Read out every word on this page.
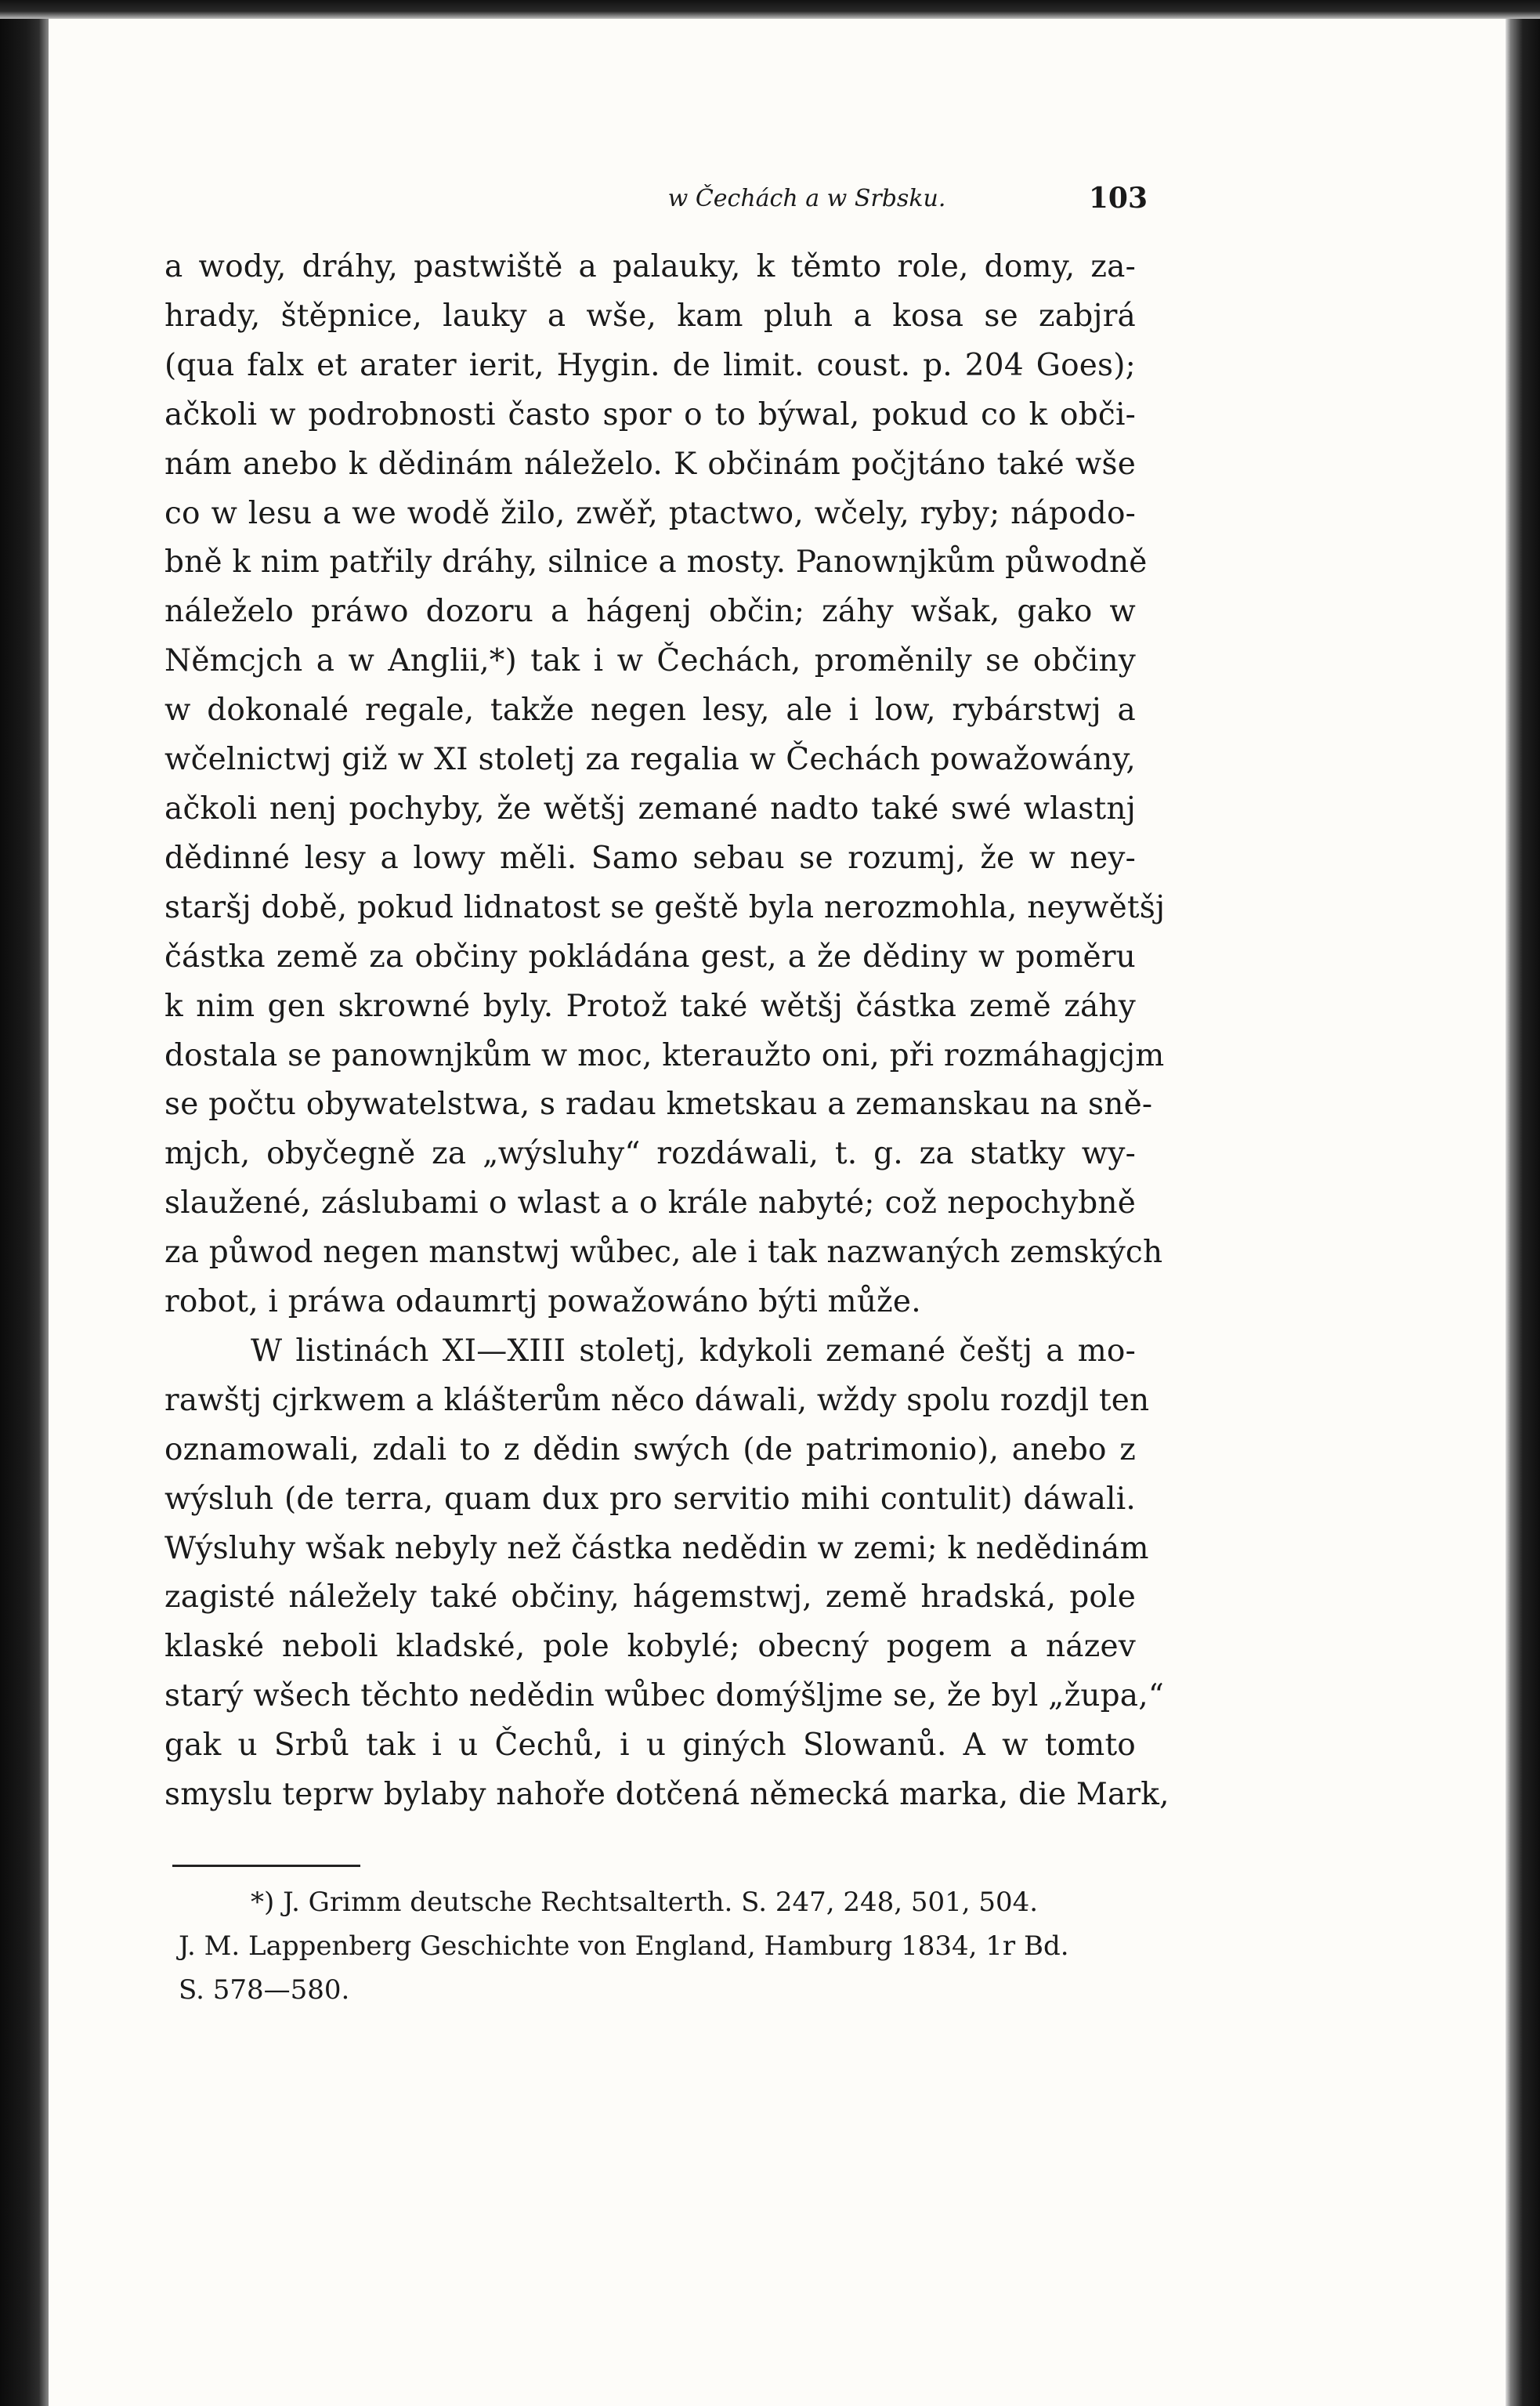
w Čechách a w Srbsku.	103
a wody, dráhy, pastwiště a palauky, k těmto role, domy, za-
hrady, štěpnice, lauky a wše, kam pluh a kosa se zabjrá
(qua falx et arater ierit, Hygin. de limit. coust. p. 204 Goes);
ačkoli w podrobnosti často spor o to býwal, pokud co k obči-
nám anebo k dědinám náleželo. K občinám počjtáno také wše
co w lesu a we wodě žilo, zwěř, ptactwo, wčely, ryby; nápodo-
bně k nim patřily dráhy, silnice a mosty. Panownjkům půwodně
náleželo práwo dozoru a hágenj občin; záhy wšak, gako w
Němcjch a w Anglii,*) tak i w Čechách, proměnily se občiny
w dokonalé regale, takže negen lesy, ale i low, rybárstwj a
wčelnictwj giž w XI stoletj za regalia w Čechách powažowány,
ačkoli nenj pochyby, že wětšj zemané nadto také swé wlastnj
dědinné lesy a lowy měli. Samo sebau se rozumj, že w ney-
staršj době, pokud lidnatost se geště byla nerozmohla, neywětšj
částka země za občiny pokládána gest, a že dědiny w poměru
k nim gen skrowné byly. Protož také wětšj částka země záhy
dostala se panownjkům w moc, kteraužto oni, při rozmáhagjcjm
se počtu obywatelstwa, s radau kmetskau a zemanskau na sně-
mjch, obyčegně za „wýsluhy“ rozdáwali, t. g. za statky wy-
slaužené, záslubami o wlast a o krále nabyté; což nepochybně
za půwod negen manstwj wůbec, ale i tak nazwaných zemských
robot, i práwa odaumrtj powažowáno býti může.
W listinách XI—XIII stoletj, kdykoli zemané češtj a mo-
rawštj cjrkwem a klášterům něco dáwali, wždy spolu rozdjl ten
oznamowali, zdali to z dědin swých (de patrimonio), anebo z
wýsluh (de terra, quam dux pro servitio mihi contulit) dáwali.
Wýsluhy wšak nebyly než částka nedědin w zemi; k nedědinám
zagisté náležely také občiny, hágemstwj, země hradská, pole
klaské neboli kladské, pole kobylé; obecný pogem a název
starý wšech těchto nedědin wůbec domýšljme se, že byl „župa,“
gak u Srbů tak i u Čechů, i u giných Slowanů. A w tomto
smyslu teprw bylaby nahoře dotčená německá marka, die Mark,
*) J. Grimm deutsche Rechtsalterth. S. 247, 248, 501, 504.
J. M. Lappenberg Geschichte von England, Hamburg 1834, 1r Bd.
S. 578—580.
